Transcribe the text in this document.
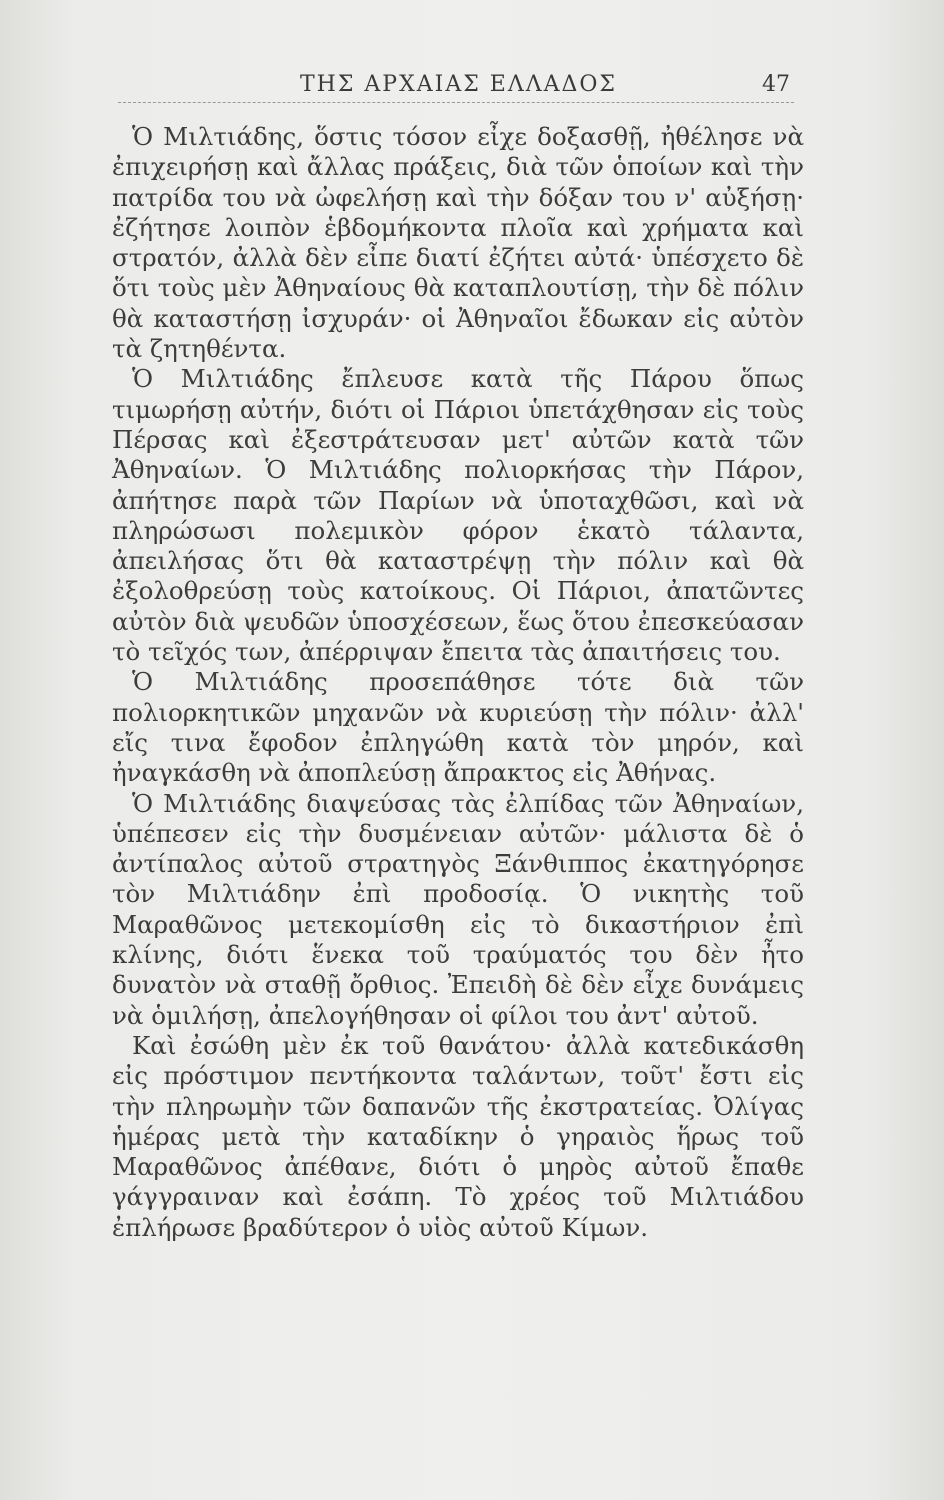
ΤΗΣ ΑΡΧΑΙΑΣ ΕΛΛΑΔΟΣ	47

Ὁ Μιλτιάδης, ὅστις τόσον εἶχε δοξασθῇ, ἠθέλησε νὰ ἐπιχειρήσῃ καὶ ἄλλας πράξεις, διὰ τῶν ὁποίων καὶ τὴν πατρίδα του νὰ ὠφελήσῃ καὶ τὴν δόξαν του ν' αὐξήσῃ· ἐζήτησε λοιπὸν ἑβδομήκοντα πλοῖα καὶ χρήματα καὶ στρατόν, ἀλλὰ δὲν εἶπε διατί ἐζήτει αὐτά· ὑπέσχετο δὲ ὅτι τοὺς μὲν Ἀθηναίους θὰ καταπλουτίσῃ, τὴν δὲ πόλιν θὰ καταστήσῃ ἰσχυράν· οἱ Ἀθηναῖοι ἔδωκαν εἰς αὐτὸν τὰ ζητηθέντα.

Ὁ Μιλτιάδης ἔπλευσε κατὰ τῆς Πάρου ὅπως τιμωρήσῃ αὐτήν, διότι οἱ Πάριοι ὑπετάχθησαν εἰς τοὺς Πέρσας καὶ ἐξεστράτευσαν μετ' αὐτῶν κατὰ τῶν Ἀθηναίων. Ὁ Μιλτιάδης πολιορκήσας τὴν Πάρον, ἀπήτησε παρὰ τῶν Παρίων νὰ ὑποταχθῶσι, καὶ νὰ πληρώσωσι πολεμικὸν φόρον ἑκατὸ τάλαντα, ἀπειλήσας ὅτι θὰ καταστρέψῃ τὴν πόλιν καὶ θὰ ἐξολοθρεύσῃ τοὺς κατοίκους. Οἱ Πάριοι, ἀπατῶντες αὐτὸν διὰ ψευδῶν ὑποσχέσεων, ἕως ὅτου ἐπεσκεύασαν τὸ τεῖχός των, ἀπέρριψαν ἔπειτα τὰς ἀπαιτήσεις του.

Ὁ Μιλτιάδης προσεπάθησε τότε διὰ τῶν πολιορκητικῶν μηχανῶν νὰ κυριεύσῃ τὴν πόλιν· ἀλλ' εἴς τινα ἔφοδον ἐπληγώθη κατὰ τὸν μηρόν, καὶ ἠναγκάσθη νὰ ἀποπλεύσῃ ἄπρακτος εἰς Ἀθήνας.

Ὁ Μιλτιάδης διαψεύσας τὰς ἐλπίδας τῶν Ἀθηναίων, ὑπέπεσεν εἰς τὴν δυσμένειαν αὐτῶν· μάλιστα δὲ ὁ ἀντίπαλος αὐτοῦ στρατηγὸς Ξάνθιππος ἐκατηγόρησε τὸν Μιλτιάδην ἐπὶ προδοσίᾳ. Ὁ νικητὴς τοῦ Μαραθῶνος μετεκομίσθη εἰς τὸ δικαστήριον ἐπὶ κλίνης, διότι ἕνεκα τοῦ τραύματός του δὲν ἦτο δυνατὸν νὰ σταθῇ ὄρθιος. Ἐπειδὴ δὲ δὲν εἶχε δυνάμεις νὰ ὁμιλήσῃ, ἀπελογήθησαν οἱ φίλοι του ἀντ' αὐτοῦ.

Καὶ ἐσώθη μὲν ἐκ τοῦ θανάτου· ἀλλὰ κατεδικάσθη εἰς πρόστιμον πεντήκοντα ταλάντων, τοῦτ' ἔστι εἰς τὴν πληρωμὴν τῶν δαπανῶν τῆς ἐκστρατείας. Ὀλίγας ἡμέρας μετὰ τὴν καταδίκην ὁ γηραιὸς ἥρως τοῦ Μαραθῶνος ἀπέθανε, διότι ὁ μηρὸς αὐτοῦ ἔπαθε γάγγραιναν καὶ ἐσάπη. Τὸ χρέος τοῦ Μιλτιάδου ἐπλήρωσε βραδύτερον ὁ υἱὸς αὐτοῦ Κίμων.
